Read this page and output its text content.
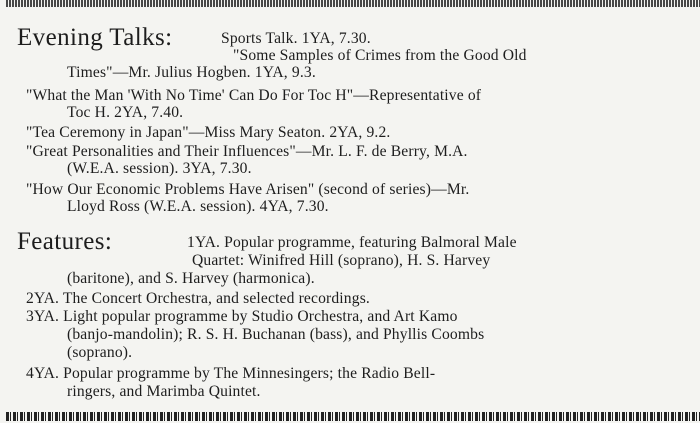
Evening Talks:	Sports Talk. 1YA, 7.30.
"Some Samples of Crimes from the Good Old
Times"—Mr. Julius Hogben. 1YA, 9.3.
"What the Man 'With No Time' Can Do For Toc H"—Representative of
Toc H. 2YA, 7.40.
"Tea Ceremony in Japan"—Miss Mary Seaton. 2YA, 9.2.
"Great Personalities and Their Influences"—Mr. L. F. de Berry, M.A.
(W.E.A. session). 3YA, 7.30.
"How Our Economic Problems Have Arisen" (second of series)—Mr.
Lloyd Ross (W.E.A. session). 4YA, 7.30.
Features:	1YA. Popular programme, featuring Balmoral Male
Quartet: Winifred Hill (soprano), H. S. Harvey
(baritone), and S. Harvey (harmonica).
2YA. The Concert Orchestra, and selected recordings.
3YA. Light popular programme by Studio Orchestra, and Art Kamo
(banjo-mandolin); R. S. H. Buchanan (bass), and Phyllis Coombs
(soprano).
4YA. Popular programme by The Minnesingers; the Radio Bell-
ringers, and Marimba Quintet.
